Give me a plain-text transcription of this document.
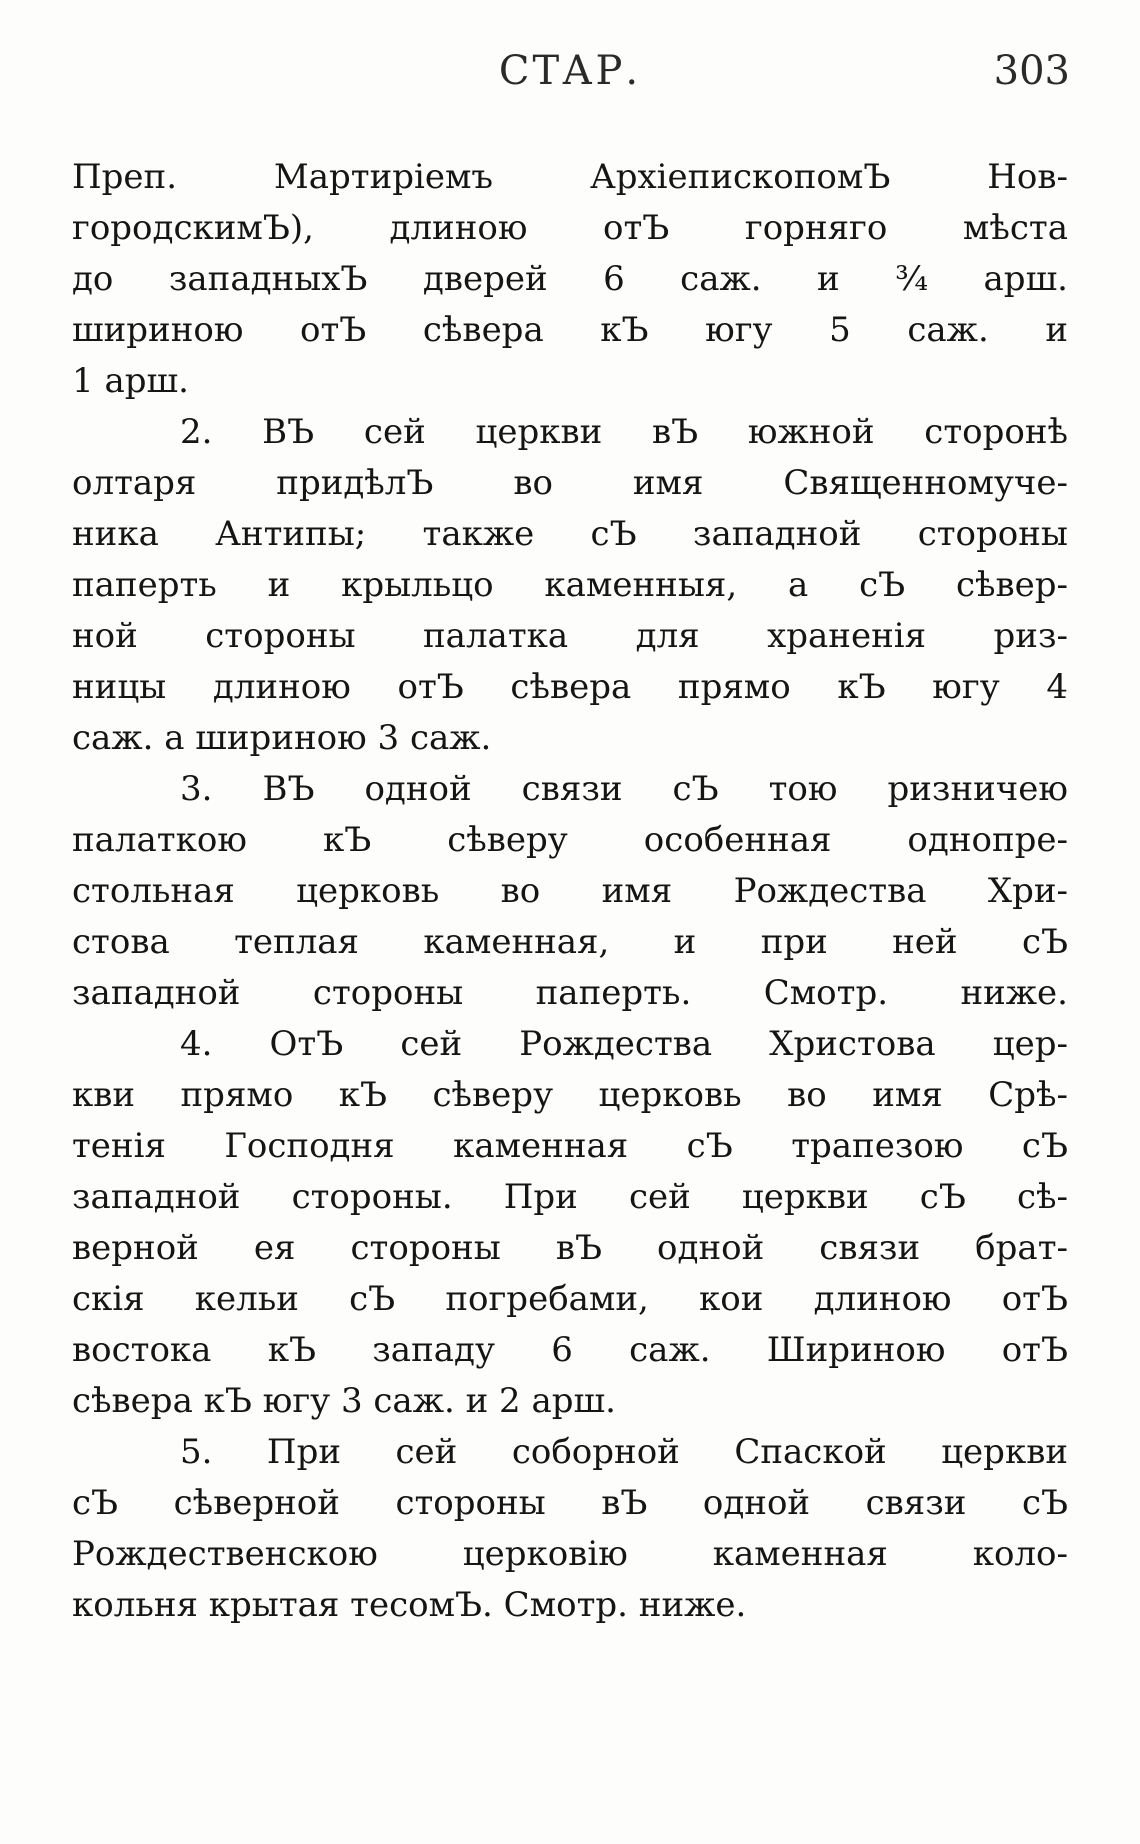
СТАР.	303
Преп. Мартиріемъ АрхіепископомЪ Нов-
городскимЪ), длиною отЪ горняго мѣста
до западныхЪ дверей 6 саж. и ¾ арш.
шириною отЪ сѣвера кЪ югу 5 саж. и
1 арш.
2. ВЪ сей церкви вЪ южной сторонѣ
олтаря придѣлЪ во имя Священномуче-
ника Антипы; также сЪ западной стороны
паперть и крыльцо каменныя, а сЪ сѣвер-
ной стороны палатка для храненія риз-
ницы длиною отЪ сѣвера прямо кЪ югу 4
саж. а шириною 3 саж.
3. ВЪ одной связи сЪ тою ризничею
палаткою кЪ сѣверу особенная однопре-
стольная церковь во имя Рождества Хри-
стова теплая каменная, и при ней сЪ
западной стороны паперть. Смотр. ниже.
4. ОтЪ сей Рождества Христова цер-
кви прямо кЪ сѣверу церковь во имя Срѣ-
тенія Господня каменная сЪ трапезою сЪ
западной стороны. При сей церкви сЪ сѣ-
верной ея стороны вЪ одной связи брат-
скія кельи сЪ погребами, кои длиною отЪ
востока кЪ западу 6 саж. Шириною отЪ
сѣвера кЪ югу 3 саж. и 2 арш.
5. При сей соборной Спаской церкви
сЪ сѣверной стороны вЪ одной связи сЪ
Рождественскою церковію каменная коло-
кольня крытая тесомЪ. Смотр. ниже.
